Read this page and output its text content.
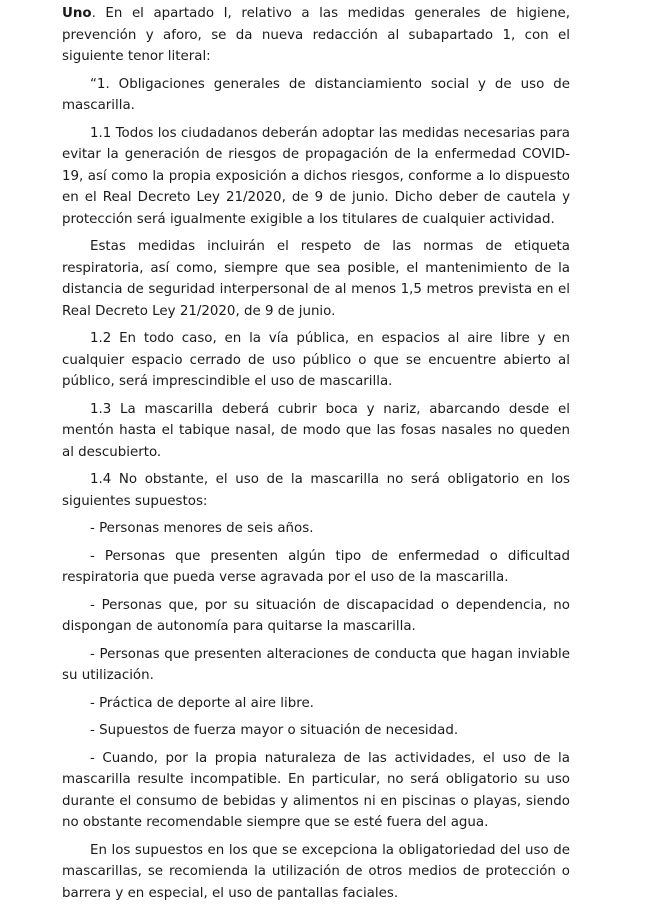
Uno. En el apartado I, relativo a las medidas generales de higiene, prevención y aforo, se da nueva redacción al subapartado 1, con el siguiente tenor literal:

“1. Obligaciones generales de distanciamiento social y de uso de mascarilla.

1.1 Todos los ciudadanos deberán adoptar las medidas necesarias para evitar la generación de riesgos de propagación de la enfermedad COVID-19, así como la propia exposición a dichos riesgos, conforme a lo dispuesto en el Real Decreto Ley 21/2020, de 9 de junio. Dicho deber de cautela y protección será igualmente exigible a los titulares de cualquier actividad.

Estas medidas incluirán el respeto de las normas de etiqueta respiratoria, así como, siempre que sea posible, el mantenimiento de la distancia de seguridad interpersonal de al menos 1,5 metros prevista en el Real Decreto Ley 21/2020, de 9 de junio.

1.2 En todo caso, en la vía pública, en espacios al aire libre y en cualquier espacio cerrado de uso público o que se encuentre abierto al público, será imprescindible el uso de mascarilla.

1.3 La mascarilla deberá cubrir boca y nariz, abarcando desde el mentón hasta el tabique nasal, de modo que las fosas nasales no queden al descubierto.

1.4 No obstante, el uso de la mascarilla no será obligatorio en los siguientes supuestos:

- Personas menores de seis años.

- Personas que presenten algún tipo de enfermedad o dificultad respiratoria que pueda verse agravada por el uso de la mascarilla.

- Personas que, por su situación de discapacidad o dependencia, no dispongan de autonomía para quitarse la mascarilla.

- Personas que presenten alteraciones de conducta que hagan inviable su utilización.

- Práctica de deporte al aire libre.

- Supuestos de fuerza mayor o situación de necesidad.

- Cuando, por la propia naturaleza de las actividades, el uso de la mascarilla resulte incompatible. En particular, no será obligatorio su uso durante el consumo de bebidas y alimentos ni en piscinas o playas, siendo no obstante recomendable siempre que se esté fuera del agua.

En los supuestos en los que se excepciona la obligatoriedad del uso de mascarillas, se recomienda la utilización de otros medios de protección o barrera y en especial, el uso de pantallas faciales.
